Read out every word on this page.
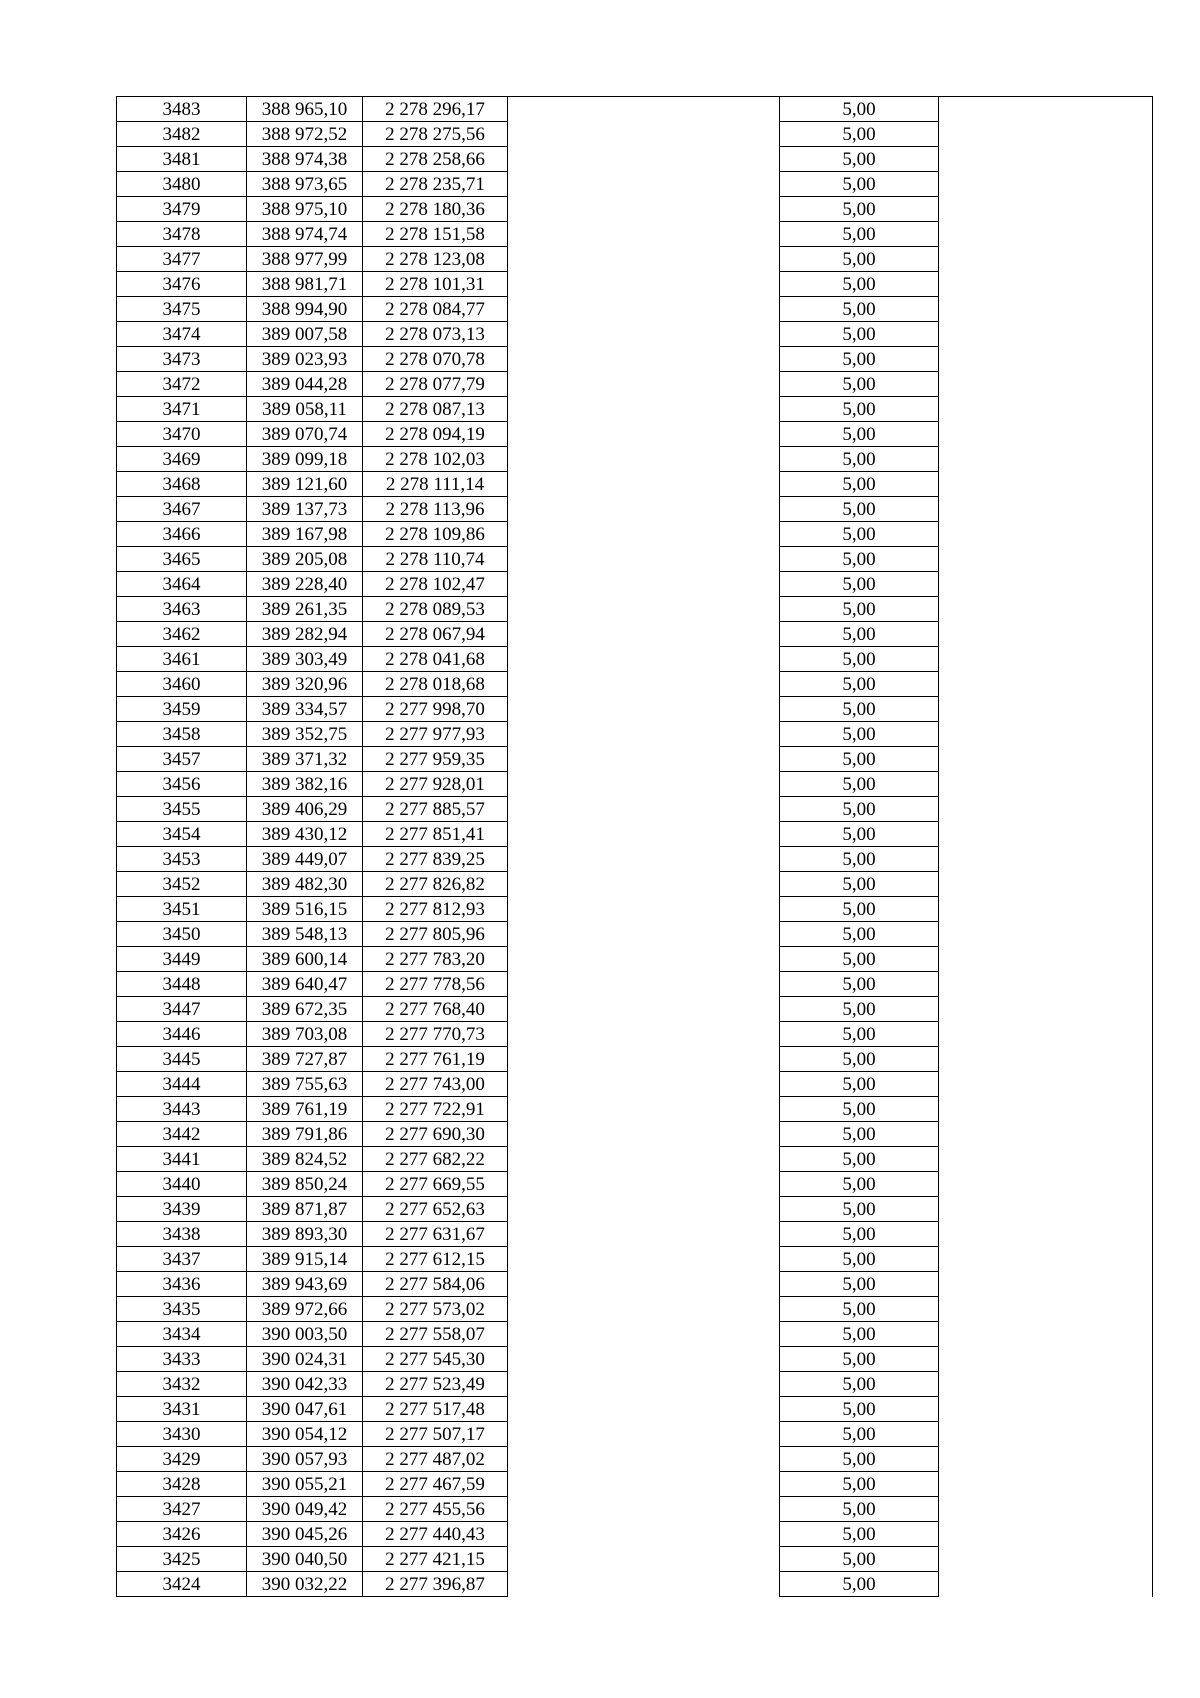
3483	388 965,10	2 278 296,17		5,00	
3482	388 972,52	2 278 275,56		5,00	
3481	388 974,38	2 278 258,66		5,00	
3480	388 973,65	2 278 235,71		5,00	
3479	388 975,10	2 278 180,36		5,00	
3478	388 974,74	2 278 151,58		5,00	
3477	388 977,99	2 278 123,08		5,00	
3476	388 981,71	2 278 101,31		5,00	
3475	388 994,90	2 278 084,77		5,00	
3474	389 007,58	2 278 073,13		5,00	
3473	389 023,93	2 278 070,78		5,00	
3472	389 044,28	2 278 077,79		5,00	
3471	389 058,11	2 278 087,13		5,00	
3470	389 070,74	2 278 094,19		5,00	
3469	389 099,18	2 278 102,03		5,00	
3468	389 121,60	2 278 111,14		5,00	
3467	389 137,73	2 278 113,96		5,00	
3466	389 167,98	2 278 109,86		5,00	
3465	389 205,08	2 278 110,74		5,00	
3464	389 228,40	2 278 102,47		5,00	
3463	389 261,35	2 278 089,53		5,00	
3462	389 282,94	2 278 067,94		5,00	
3461	389 303,49	2 278 041,68		5,00	
3460	389 320,96	2 278 018,68		5,00	
3459	389 334,57	2 277 998,70		5,00	
3458	389 352,75	2 277 977,93		5,00	
3457	389 371,32	2 277 959,35		5,00	
3456	389 382,16	2 277 928,01		5,00	
3455	389 406,29	2 277 885,57		5,00	
3454	389 430,12	2 277 851,41		5,00	
3453	389 449,07	2 277 839,25		5,00	
3452	389 482,30	2 277 826,82		5,00	
3451	389 516,15	2 277 812,93		5,00	
3450	389 548,13	2 277 805,96		5,00	
3449	389 600,14	2 277 783,20		5,00	
3448	389 640,47	2 277 778,56		5,00	
3447	389 672,35	2 277 768,40		5,00	
3446	389 703,08	2 277 770,73		5,00	
3445	389 727,87	2 277 761,19		5,00	
3444	389 755,63	2 277 743,00		5,00	
3443	389 761,19	2 277 722,91		5,00	
3442	389 791,86	2 277 690,30		5,00	
3441	389 824,52	2 277 682,22		5,00	
3440	389 850,24	2 277 669,55		5,00	
3439	389 871,87	2 277 652,63		5,00	
3438	389 893,30	2 277 631,67		5,00	
3437	389 915,14	2 277 612,15		5,00	
3436	389 943,69	2 277 584,06		5,00	
3435	389 972,66	2 277 573,02		5,00	
3434	390 003,50	2 277 558,07		5,00	
3433	390 024,31	2 277 545,30		5,00	
3432	390 042,33	2 277 523,49		5,00	
3431	390 047,61	2 277 517,48		5,00	
3430	390 054,12	2 277 507,17		5,00	
3429	390 057,93	2 277 487,02		5,00	
3428	390 055,21	2 277 467,59		5,00	
3427	390 049,42	2 277 455,56		5,00	
3426	390 045,26	2 277 440,43		5,00	
3425	390 040,50	2 277 421,15		5,00	
3424	390 032,22	2 277 396,87		5,00	
